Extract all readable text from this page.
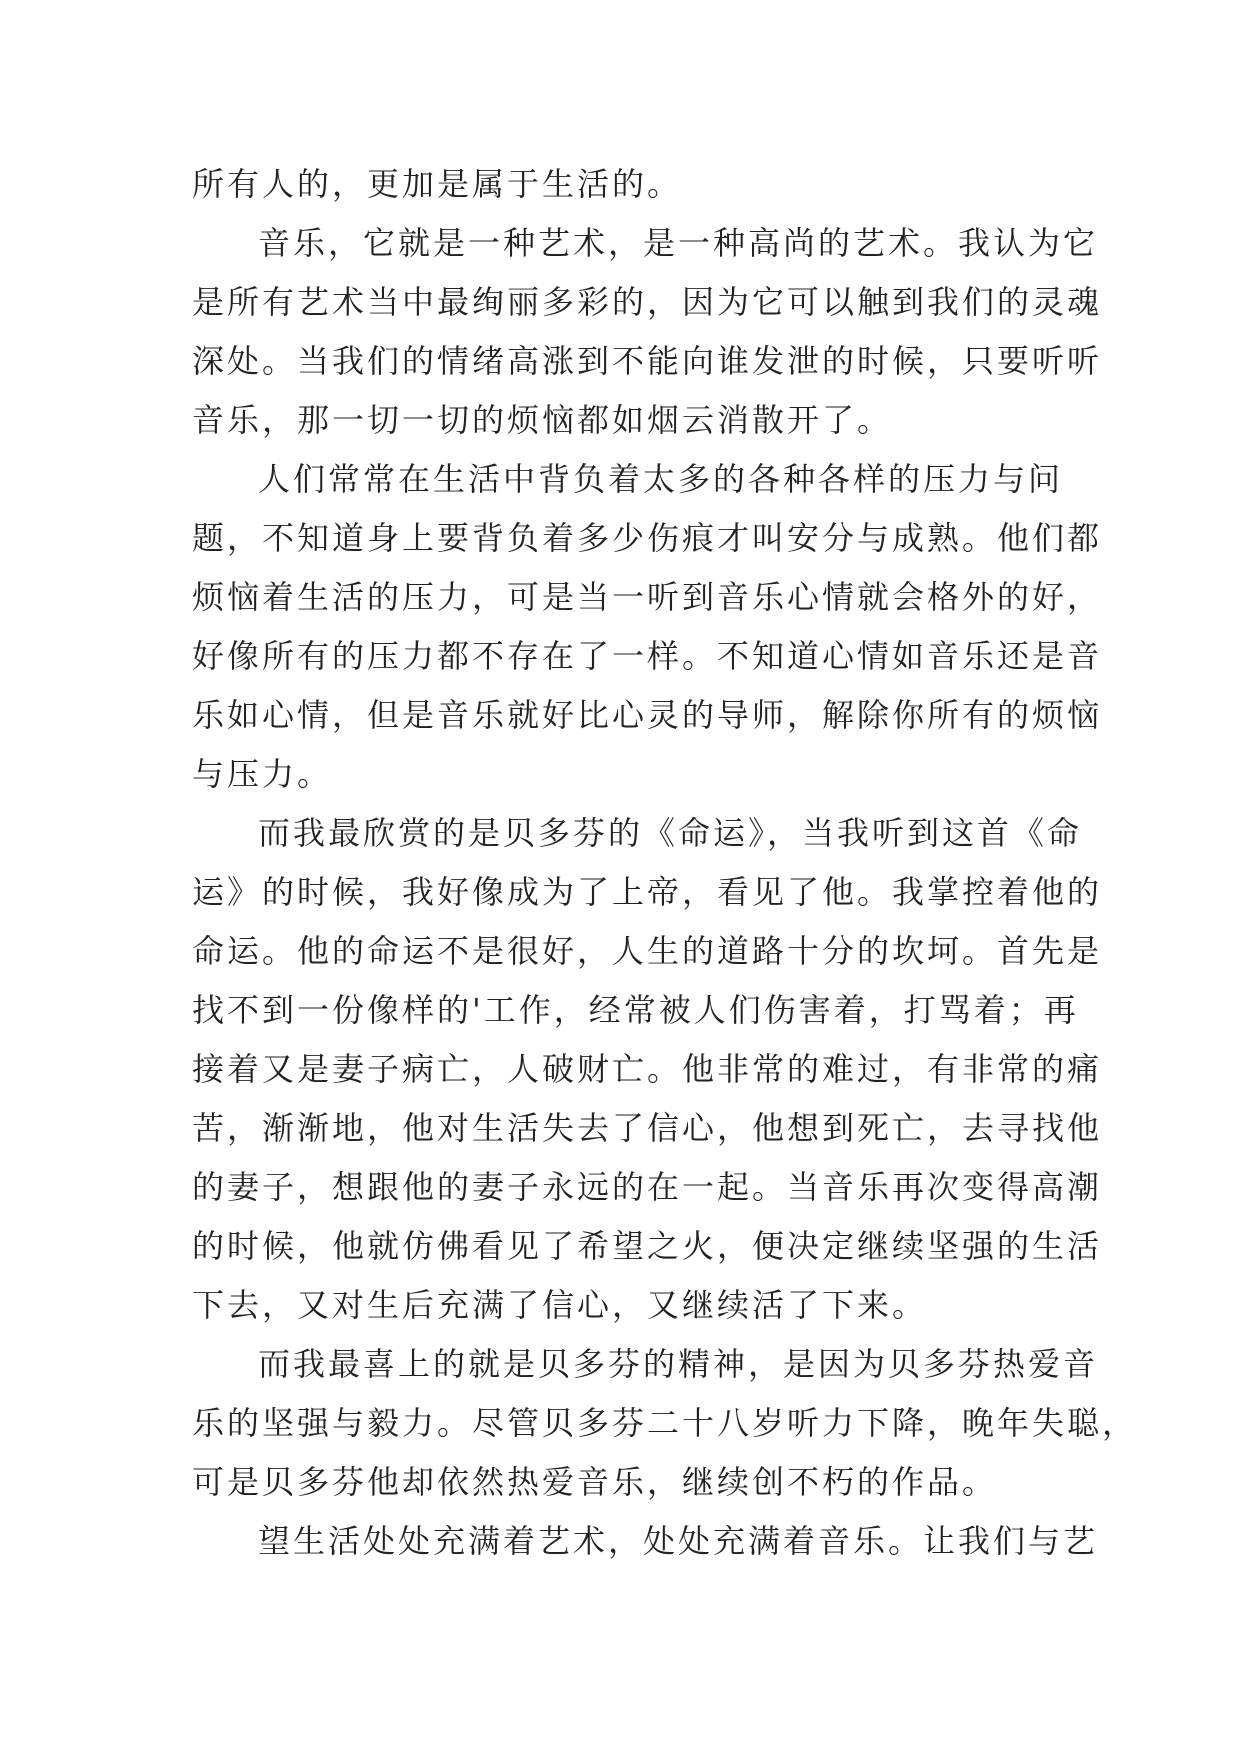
所有人的，更加是属于生活的。
音乐，它就是一种艺术，是一种高尚的艺术。我认为它
是所有艺术当中最绚丽多彩的，因为它可以触到我们的灵魂
深处。当我们的情绪高涨到不能向谁发泄的时候，只要听听
音乐，那一切一切的烦恼都如烟云消散开了。
人们常常在生活中背负着太多的各种各样的压力与问
题，不知道身上要背负着多少伤痕才叫安分与成熟。他们都
烦恼着生活的压力，可是当一听到音乐心情就会格外的好，
好像所有的压力都不存在了一样。不知道心情如音乐还是音
乐如心情，但是音乐就好比心灵的导师，解除你所有的烦恼
与压力。
而我最欣赏的是贝多芬的《命运》，当我听到这首《命
运》的时候，我好像成为了上帝，看见了他。我掌控着他的
命运。他的命运不是很好，人生的道路十分的坎坷。首先是
找不到一份像样的'工作，经常被人们伤害着，打骂着；再
接着又是妻子病亡，人破财亡。他非常的难过，有非常的痛
苦，渐渐地，他对生活失去了信心，他想到死亡，去寻找他
的妻子，想跟他的妻子永远的在一起。当音乐再次变得高潮
的时候，他就仿佛看见了希望之火，便决定继续坚强的生活
下去，又对生后充满了信心，又继续活了下来。
而我最喜上的就是贝多芬的精神，是因为贝多芬热爱音
乐的坚强与毅力。尽管贝多芬二十八岁听力下降，晚年失聪，
可是贝多芬他却依然热爱音乐，继续创不朽的作品。
望生活处处充满着艺术，处处充满着音乐。让我们与艺
